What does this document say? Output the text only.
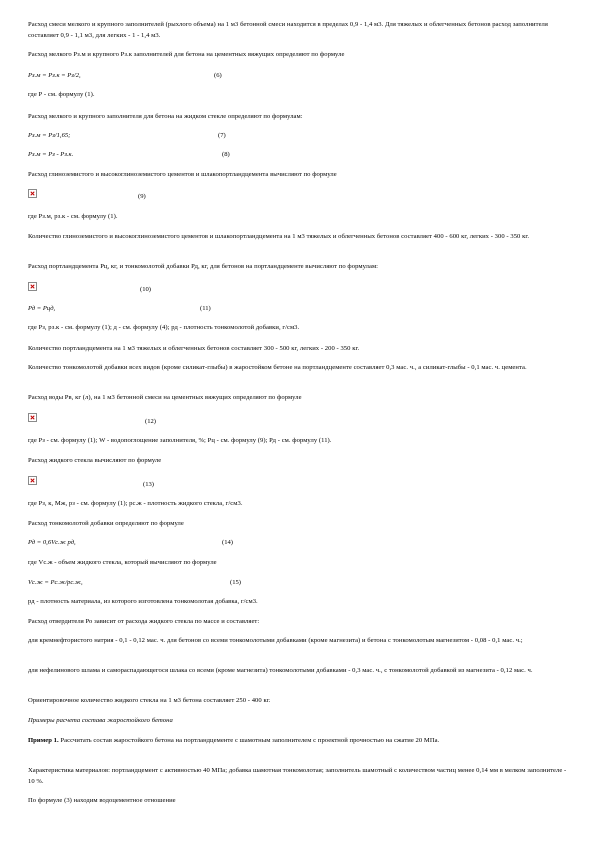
Расход смеси мелкого и крупного заполнителей (рыхлого объема) на 1 м3 бетонной смеси находится в пределах 0,9 - 1,4 м3. Для тяжелых и облегченных бетонов расход заполнителя составляет 0,9 - 1,1 м3, для легких - 1 - 1,4 м3.

Расход мелкого Рз.м и крупного Рз.к заполнителей для бетона на цементных вяжущих определяют по формуле

Рз.м = Рз.к = Рз/2,	(6)

где Р - см. формулу (1).

Расход мелкого и крупного заполнителя для бетона на жидком стекле определяют по формулам:

Рз.м = Рз/1,65;	(7)
Рз.м = Рз - Рз.к.	(8)

Расход глиноземистого и высокоглиноземистого цементов и шлакопортландцемента вычисляют по формуле

(9)

где Рз.м, рз.к - см. формулу (1).

Количество глиноземистого и высокоглиноземистого цементов и шлакопортландцемента на 1 м3 тяжелых и облегченных бетонов составляет 400 - 600 кг, легких - 300 - 350 кг.

Расход портландцемента Рц, кг, и тонкомолотой добавки Рд, кг, для бетонов на портландцементе вычисляют по формулам:

(10)
Рд = Рцд,	(11)

где Рз, рз.к - см. формулу (1); д - см. формулу (4); рд - плотность тонкомолотой добавки, г/см3.

Количество портландцемента на 1 м3 тяжелых и облегченных бетонов составляет 300 - 500 кг, легких - 200 - 350 кг.

Количество тонкомолотой добавки всех видов (кроме силикат-глыбы) в жаростойком бетоне на портландцементе составляет 0,3 мас. ч., а силикат-глыбы - 0,1 мас. ч. цемента.

Расход воды Рв, кг (л), на 1 м3 бетонной смеси на цементных вяжущих определяют по формуле

(12)

где Рз - см. формулу (1); W - водопоглощение заполнителя, %; Рц - см. формулу (9); Рд - см. формулу (11).

Расход жидкого стекла вычисляют по формуле

(13)

где Рз, к, Мж, рз - см. формулу (1); рс.ж - плотность жидкого стекла, г/см3.

Расход тонкомолотой добавки определяют по формуле

Рд = 0,6Vс.ж рд,	(14)

где Vс.ж - объем жидкого стекла, который вычисляют по формуле

Vс.ж = Рс.ж/рс.ж,	(15)

рд - плотность материала, из которого изготовлена тонкомолотая добавка, г/см3.

Расход отвердителя Ро зависит от расхода жидкого стекла по массе и составляет:

для кремнефтористого натрия - 0,1 - 0,12 мас. ч. для бетонов со всеми тонкомолотыми добавками (кроме магнезита) и бетона с тонкомолотым магнезитом - 0,08 - 0,1 мас. ч.;

для нефелинового шлама и самораспадающегося шлака со всеми (кроме магнезита) тонкомолотыми добавками - 0,3 мас. ч., с тонкомолотой добавкой из магнезита - 0,12 мас. ч.

Ориентировочное количество жидкого стекла на 1 м3 бетона составляет 250 - 400 кг.

Примеры расчета состава жаростойкого бетона

Пример 1. Рассчитать состав жаростойкого бетона на портландцементе с шамотным заполнителем с проектной прочностью на сжатие 20 МПа.

Характеристика материалов: портландцемент с активностью 40 МПа; добавка шамотная тонкомолотая; заполнитель шамотный с количеством частиц менее 0,14 мм в мелком заполнителе - 10 %.

По формуле (3) находим водоцементное отношение
